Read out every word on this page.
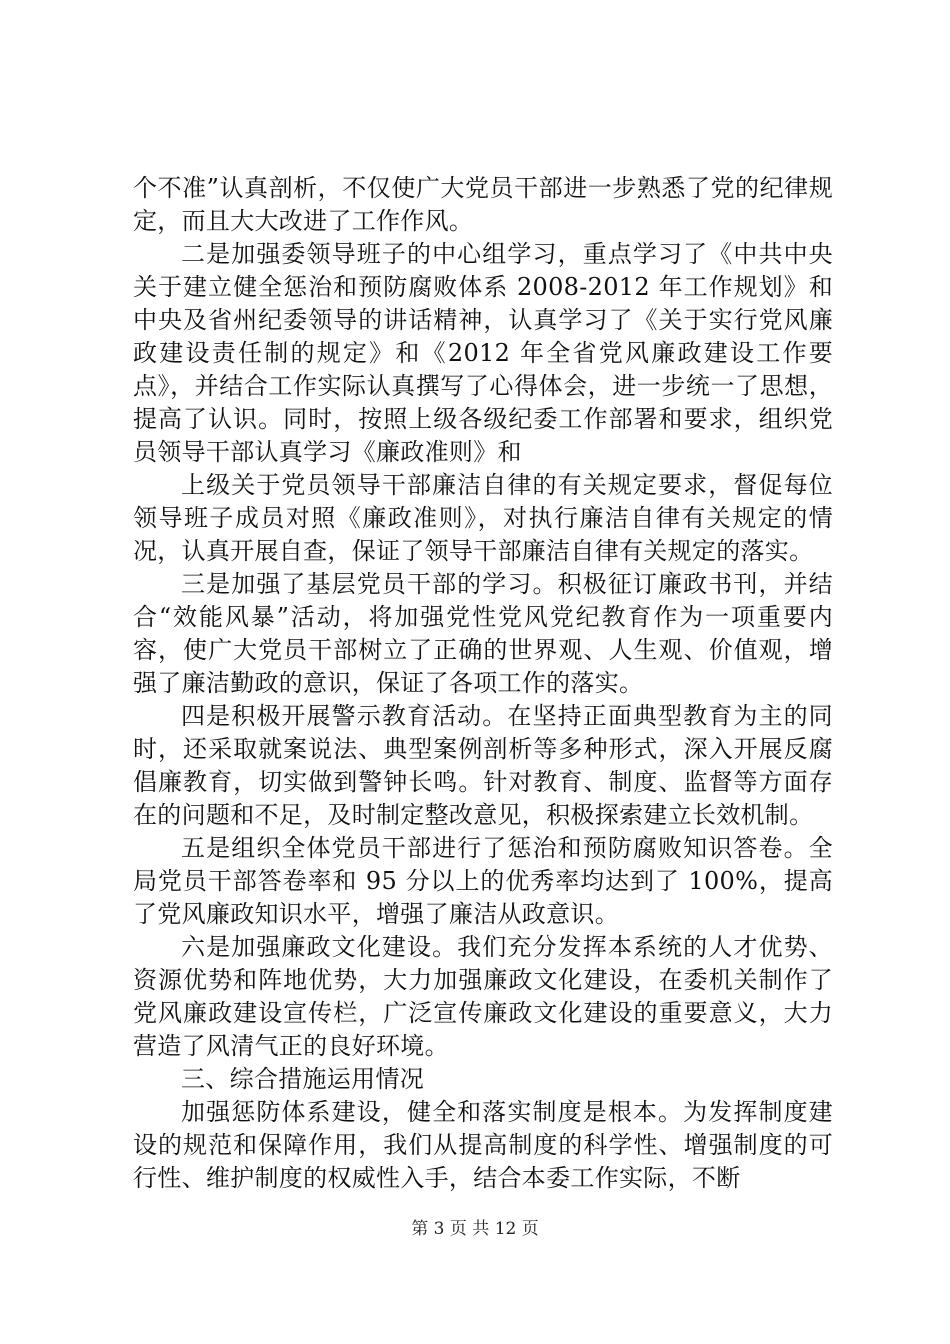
个不准”认真剖析，不仅使广大党员干部进一步熟悉了党的纪律规定，而且大大改进了工作作风。

二是加强委领导班子的中心组学习，重点学习了《中共中央关于建立健全惩治和预防腐败体系 2008-2012 年工作规划》和中央及省州纪委领导的讲话精神，认真学习了《关于实行党风廉政建设责任制的规定》和《2012 年全省党风廉政建设工作要点》，并结合工作实际认真撰写了心得体会，进一步统一了思想，提高了认识。同时，按照上级各级纪委工作部署和要求，组织党员领导干部认真学习《廉政准则》和

上级关于党员领导干部廉洁自律的有关规定要求，督促每位领导班子成员对照《廉政准则》，对执行廉洁自律有关规定的情况，认真开展自查，保证了领导干部廉洁自律有关规定的落实。

三是加强了基层党员干部的学习。积极征订廉政书刊，并结合“效能风暴”活动，将加强党性党风党纪教育作为一项重要内容，使广大党员干部树立了正确的世界观、人生观、价值观，增强了廉洁勤政的意识，保证了各项工作的落实。

四是积极开展警示教育活动。在坚持正面典型教育为主的同时，还采取就案说法、典型案例剖析等多种形式，深入开展反腐倡廉教育，切实做到警钟长鸣。针对教育、制度、监督等方面存在的问题和不足，及时制定整改意见，积极探索建立长效机制。

五是组织全体党员干部进行了惩治和预防腐败知识答卷。全局党员干部答卷率和 95 分以上的优秀率均达到了 100%，提高了党风廉政知识水平，增强了廉洁从政意识。

六是加强廉政文化建设。我们充分发挥本系统的人才优势、资源优势和阵地优势，大力加强廉政文化建设，在委机关制作了党风廉政建设宣传栏，广泛宣传廉政文化建设的重要意义，大力营造了风清气正的良好环境。

三、综合措施运用情况

加强惩防体系建设，健全和落实制度是根本。为发挥制度建设的规范和保障作用，我们从提高制度的科学性、增强制度的可行性、维护制度的权威性入手，结合本委工作实际，不断

第 3 页 共 12 页
